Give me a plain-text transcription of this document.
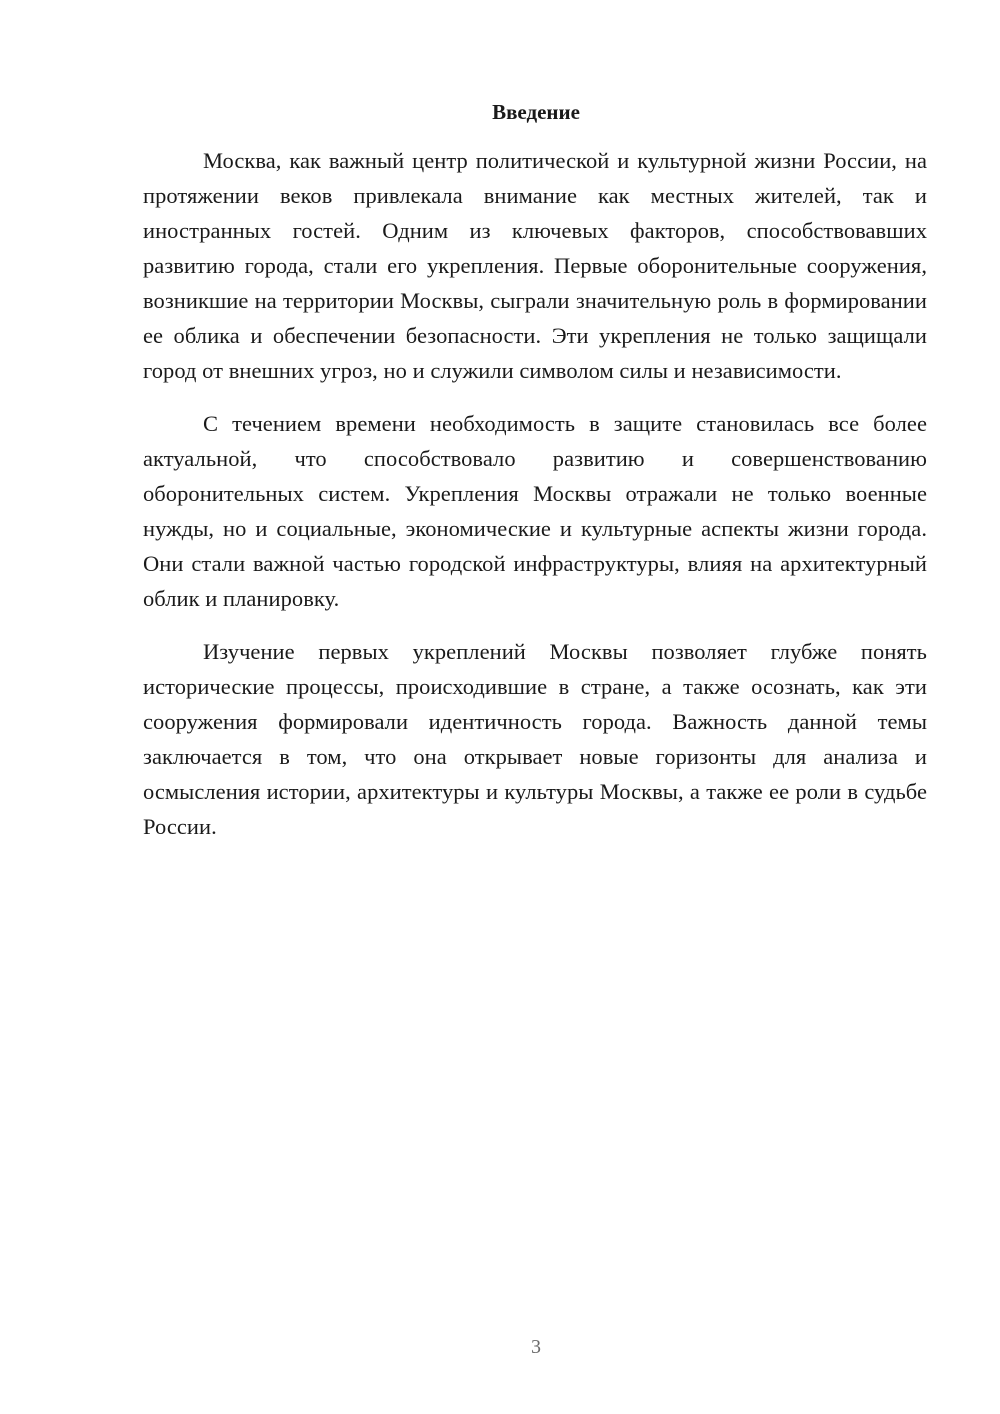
Введение

Москва, как важный центр политической и культурной жизни России, на протяжении веков привлекала внимание как местных жителей, так и иностранных гостей. Одним из ключевых факторов, способствовавших развитию города, стали его укрепления. Первые оборонительные сооружения, возникшие на территории Москвы, сыграли значительную роль в формировании ее облика и обеспечении безопасности. Эти укрепления не только защищали город от внешних угроз, но и служили символом силы и независимости.

С течением времени необходимость в защите становилась все более актуальной, что способствовало развитию и совершенствованию оборонительных систем. Укрепления Москвы отражали не только военные нужды, но и социальные, экономические и культурные аспекты жизни города. Они стали важной частью городской инфраструктуры, влияя на архитектурный облик и планировку.

Изучение первых укреплений Москвы позволяет глубже понять исторические процессы, происходившие в стране, а также осознать, как эти сооружения формировали идентичность города. Важность данной темы заключается в том, что она открывает новые горизонты для анализа и осмысления истории, архитектуры и культуры Москвы, а также ее роли в судьбе России.

3
